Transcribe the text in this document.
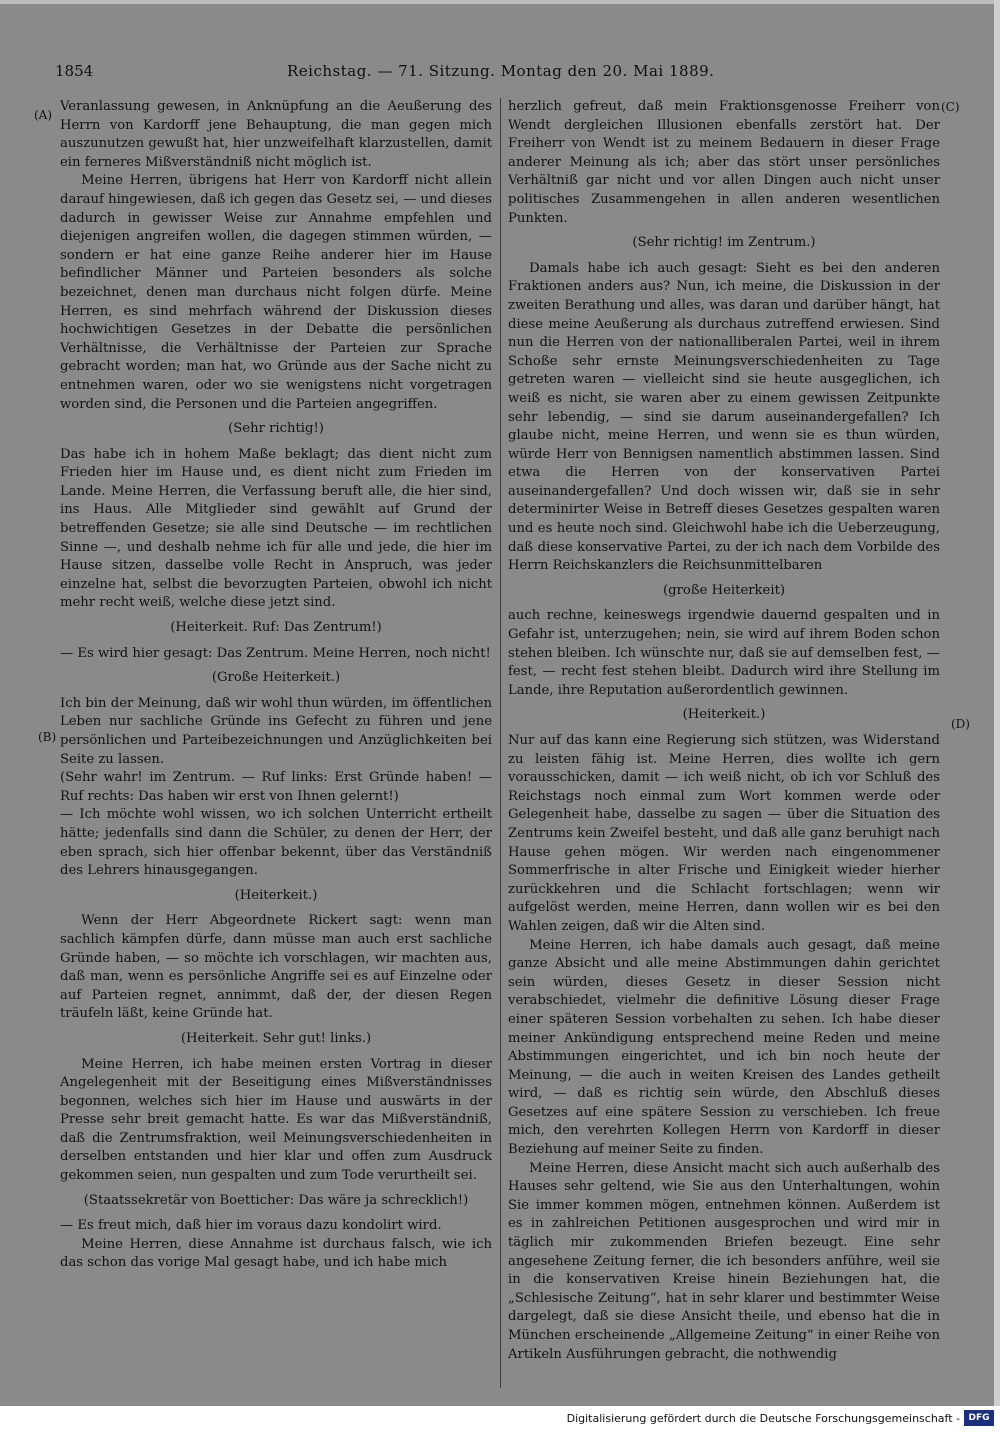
1854	Reichstag. — 71. Sitzung. Montag den 20. Mai 1889.
(A)
(B)
(C)
(D)

Veranlassung gewesen, in Anknüpfung an die Aeußerung des Herrn von Kardorff jene Behauptung, die man gegen mich auszunutzen gewußt hat, hier unzweifelhaft klarzustellen, damit ein ferneres Mißverständniß nicht möglich ist.

Meine Herren, übrigens hat Herr von Kardorff nicht allein darauf hingewiesen, daß ich gegen das Gesetz sei, — und dieses dadurch in gewisser Weise zur Annahme empfehlen und diejenigen angreifen wollen, die dagegen stimmen würden, — sondern er hat eine ganze Reihe anderer hier im Hause befindlicher Männer und Parteien besonders als solche bezeichnet, denen man durchaus nicht folgen dürfe. Meine Herren, es sind mehrfach während der Diskussion dieses hochwichtigen Gesetzes in der Debatte die persönlichen Verhältnisse, die Verhältnisse der Parteien zur Sprache gebracht worden; man hat, wo Gründe aus der Sache nicht zu entnehmen waren, oder wo sie wenigstens nicht vorgetragen worden sind, die Personen und die Parteien angegriffen.

(Sehr richtig!)

Das habe ich in hohem Maße beklagt; das dient nicht zum Frieden hier im Hause und, es dient nicht zum Frieden im Lande. Meine Herren, die Verfassung beruft alle, die hier sind, ins Haus. Alle Mitglieder sind gewählt auf Grund der betreffenden Gesetze; sie alle sind Deutsche — im rechtlichen Sinne —, und deshalb nehme ich für alle und jede, die hier im Hause sitzen, dasselbe volle Recht in Anspruch, was jeder einzelne hat, selbst die bevorzugten Parteien, obwohl ich nicht mehr recht weiß, welche diese jetzt sind.

(Heiterkeit. Ruf: Das Zentrum!)

— Es wird hier gesagt: Das Zentrum. Meine Herren, noch nicht!

(Große Heiterkeit.)

Ich bin der Meinung, daß wir wohl thun würden, im öffentlichen Leben nur sachliche Gründe ins Gefecht zu führen und jene persönlichen und Parteibezeichnungen und Anzüglichkeiten bei Seite zu lassen.

(Sehr wahr! im Zentrum. — Ruf links: Erst Gründe haben! — Ruf rechts: Das haben wir erst von Ihnen gelernt!)

— Ich möchte wohl wissen, wo ich solchen Unterricht ertheilt hätte; jedenfalls sind dann die Schüler, zu denen der Herr, der eben sprach, sich hier offenbar bekennt, über das Verständniß des Lehrers hinausgegangen.

(Heiterkeit.)

Wenn der Herr Abgeordnete Rickert sagt: wenn man sachlich kämpfen dürfe, dann müsse man auch erst sachliche Gründe haben, — so möchte ich vorschlagen, wir machten aus, daß man, wenn es persönliche Angriffe sei es auf Einzelne oder auf Parteien regnet, annimmt, daß der, der diesen Regen träufeln läßt, keine Gründe hat.

(Heiterkeit. Sehr gut! links.)

Meine Herren, ich habe meinen ersten Vortrag in dieser Angelegenheit mit der Beseitigung eines Mißverständnisses begonnen, welches sich hier im Hause und auswärts in der Presse sehr breit gemacht hatte. Es war das Mißverständniß, daß die Zentrumsfraktion, weil Meinungsverschiedenheiten in derselben entstanden und hier klar und offen zum Ausdruck gekommen seien, nun gespalten und zum Tode verurtheilt sei.

(Staatssekretär von Boetticher: Das wäre ja schrecklich!)

— Es freut mich, daß hier im voraus dazu kondolirt wird.

Meine Herren, diese Annahme ist durchaus falsch, wie ich das schon das vorige Mal gesagt habe, und ich habe mich

herzlich gefreut, daß mein Fraktionsgenosse Freiherr von Wendt dergleichen Illusionen ebenfalls zerstört hat. Der Freiherr von Wendt ist zu meinem Bedauern in dieser Frage anderer Meinung als ich; aber das stört unser persönliches Verhältniß gar nicht und vor allen Dingen auch nicht unser politisches Zusammengehen in allen anderen wesentlichen Punkten.

(Sehr richtig! im Zentrum.)

Damals habe ich auch gesagt: Sieht es bei den anderen Fraktionen anders aus? Nun, ich meine, die Diskussion in der zweiten Berathung und alles, was daran und darüber hängt, hat diese meine Aeußerung als durchaus zutreffend erwiesen. Sind nun die Herren von der nationalliberalen Partei, weil in ihrem Schoße sehr ernste Meinungsverschiedenheiten zu Tage getreten waren — vielleicht sind sie heute ausgeglichen, ich weiß es nicht, sie waren aber zu einem gewissen Zeitpunkte sehr lebendig, — sind sie darum auseinandergefallen? Ich glaube nicht, meine Herren, und wenn sie es thun würden, würde Herr von Bennigsen namentlich abstimmen lassen. Sind etwa die Herren von der konservativen Partei auseinandergefallen? Und doch wissen wir, daß sie in sehr determinirter Weise in Betreff dieses Gesetzes gespalten waren und es heute noch sind. Gleichwohl habe ich die Ueberzeugung, daß diese konservative Partei, zu der ich nach dem Vorbilde des Herrn Reichskanzlers die Reichsunmittelbaren

(große Heiterkeit)

auch rechne, keineswegs irgendwie dauernd gespalten und in Gefahr ist, unterzugehen; nein, sie wird auf ihrem Boden schon stehen bleiben. Ich wünschte nur, daß sie auf demselben fest, — fest, — recht fest stehen bleibt. Dadurch wird ihre Stellung im Lande, ihre Reputation außerordentlich gewinnen.

(Heiterkeit.)

Nur auf das kann eine Regierung sich stützen, was Widerstand zu leisten fähig ist. Meine Herren, dies wollte ich gern vorausschicken, damit — ich weiß nicht, ob ich vor Schluß des Reichstags noch einmal zum Wort kommen werde oder Gelegenheit habe, dasselbe zu sagen — über die Situation des Zentrums kein Zweifel besteht, und daß alle ganz beruhigt nach Hause gehen mögen. Wir werden nach eingenommener Sommerfrische in alter Frische und Einigkeit wieder hierher zurückkehren und die Schlacht fortschlagen; wenn wir aufgelöst werden, meine Herren, dann wollen wir es bei den Wahlen zeigen, daß wir die Alten sind.

Meine Herren, ich habe damals auch gesagt, daß meine ganze Absicht und alle meine Abstimmungen dahin gerichtet sein würden, dieses Gesetz in dieser Session nicht verabschiedet, vielmehr die definitive Lösung dieser Frage einer späteren Session vorbehalten zu sehen. Ich habe dieser meiner Ankündigung entsprechend meine Reden und meine Abstimmungen eingerichtet, und ich bin noch heute der Meinung, — die auch in weiten Kreisen des Landes getheilt wird, — daß es richtig sein würde, den Abschluß dieses Gesetzes auf eine spätere Session zu verschieben. Ich freue mich, den verehrten Kollegen Herrn von Kardorff in dieser Beziehung auf meiner Seite zu finden.

Meine Herren, diese Ansicht macht sich auch außerhalb des Hauses sehr geltend, wie Sie aus den Unterhaltungen, wohin Sie immer kommen mögen, entnehmen können. Außerdem ist es in zahlreichen Petitionen ausgesprochen und wird mir in täglich mir zukommenden Briefen bezeugt. Eine sehr angesehene Zeitung ferner, die ich besonders anführe, weil sie in die konservativen Kreise hinein Beziehungen hat, die „Schlesische Zeitung“, hat in sehr klarer und bestimmter Weise dargelegt, daß sie diese Ansicht theile, und ebenso hat die in München erscheinende „Allgemeine Zeitung“ in einer Reihe von Artikeln Ausführungen gebracht, die nothwendig

Digitalisierung gefördert durch die Deutsche Forschungsgemeinschaft - DFG
